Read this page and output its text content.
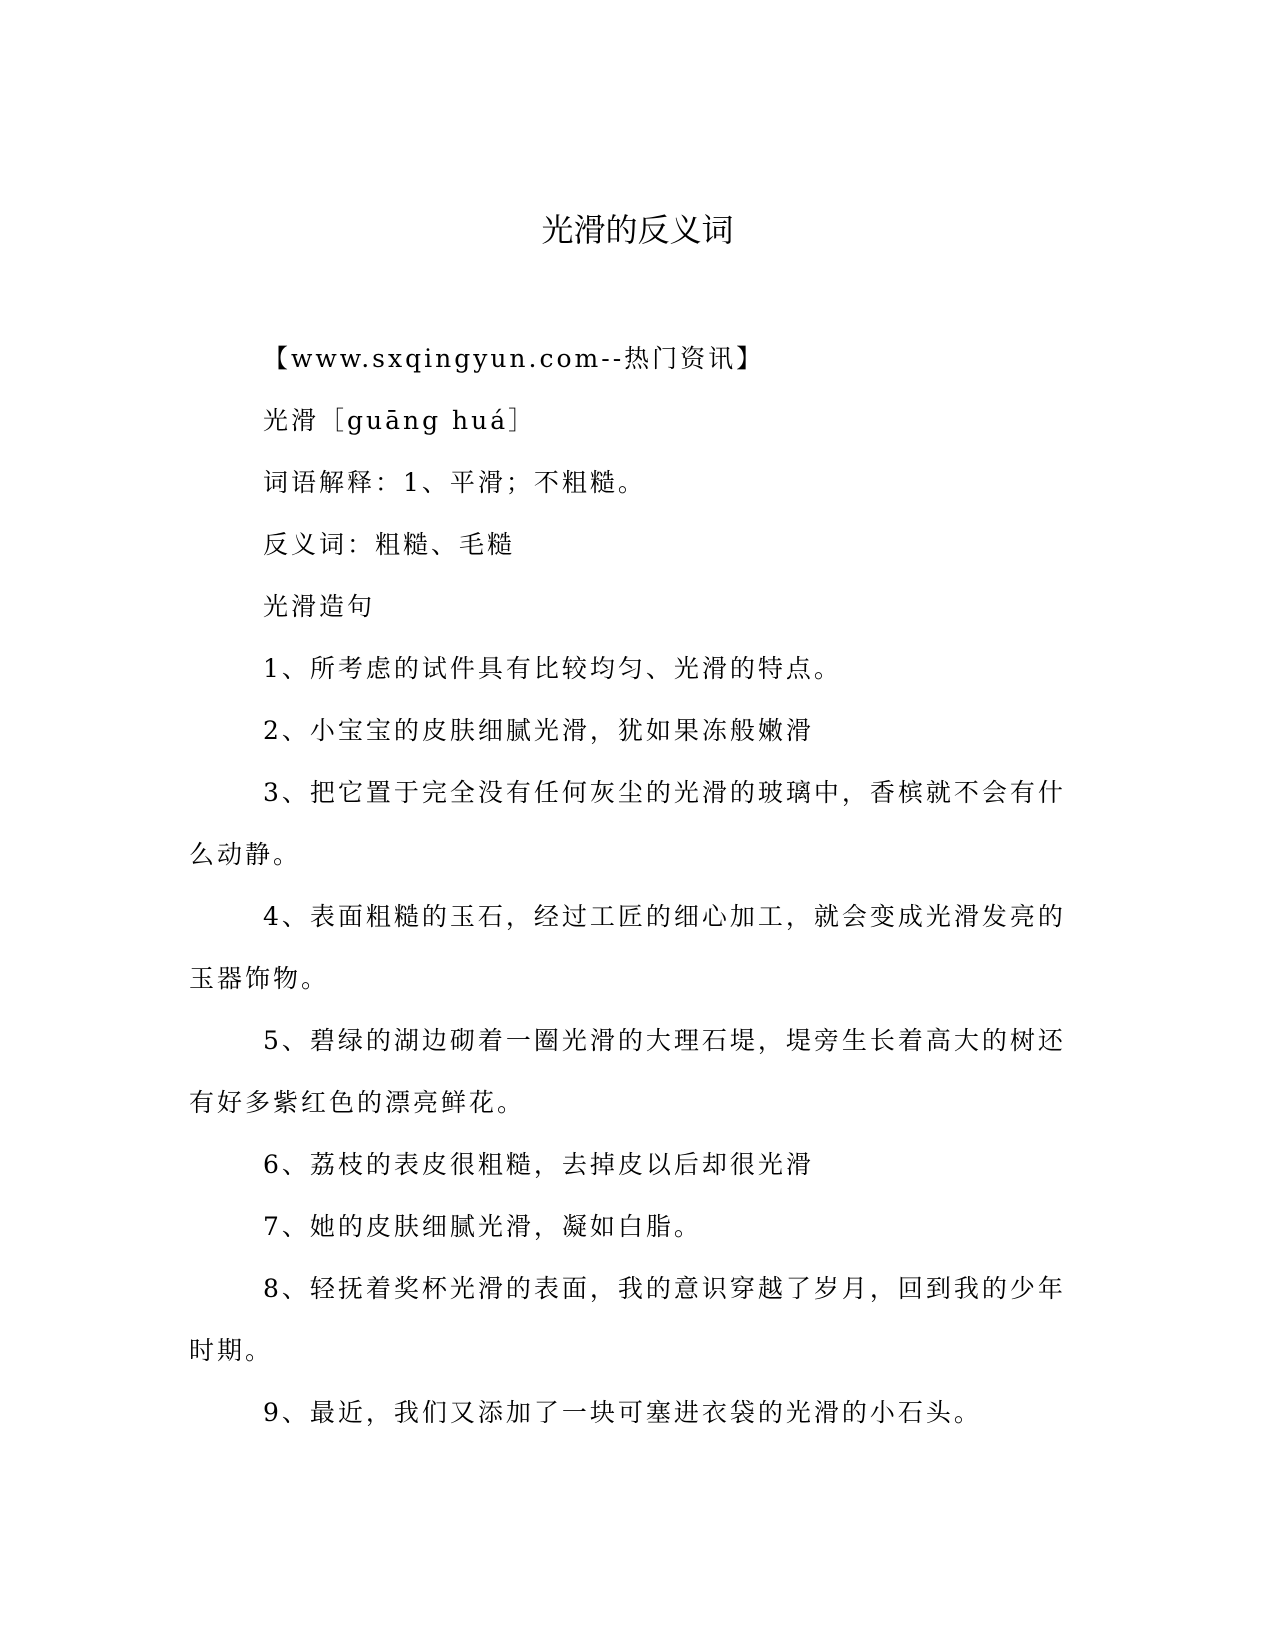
光滑的反义词

【www.sxqingyun.com--热门资讯】

光滑［guāng huá］

词语解释：1、平滑；不粗糙。

反义词：粗糙、毛糙

光滑造句

1、所考虑的试件具有比较均匀、光滑的特点。

2、小宝宝的皮肤细腻光滑，犹如果冻般嫩滑

3、把它置于完全没有任何灰尘的光滑的玻璃中，香槟就不会有什么动静。

4、表面粗糙的玉石，经过工匠的细心加工，就会变成光滑发亮的玉器饰物。

5、碧绿的湖边砌着一圈光滑的大理石堤，堤旁生长着高大的树还有好多紫红色的漂亮鲜花。

6、荔枝的表皮很粗糙，去掉皮以后却很光滑

7、她的皮肤细腻光滑，凝如白脂。

8、轻抚着奖杯光滑的表面，我的意识穿越了岁月，回到我的少年时期。

9、最近，我们又添加了一块可塞进衣袋的光滑的小石头。
